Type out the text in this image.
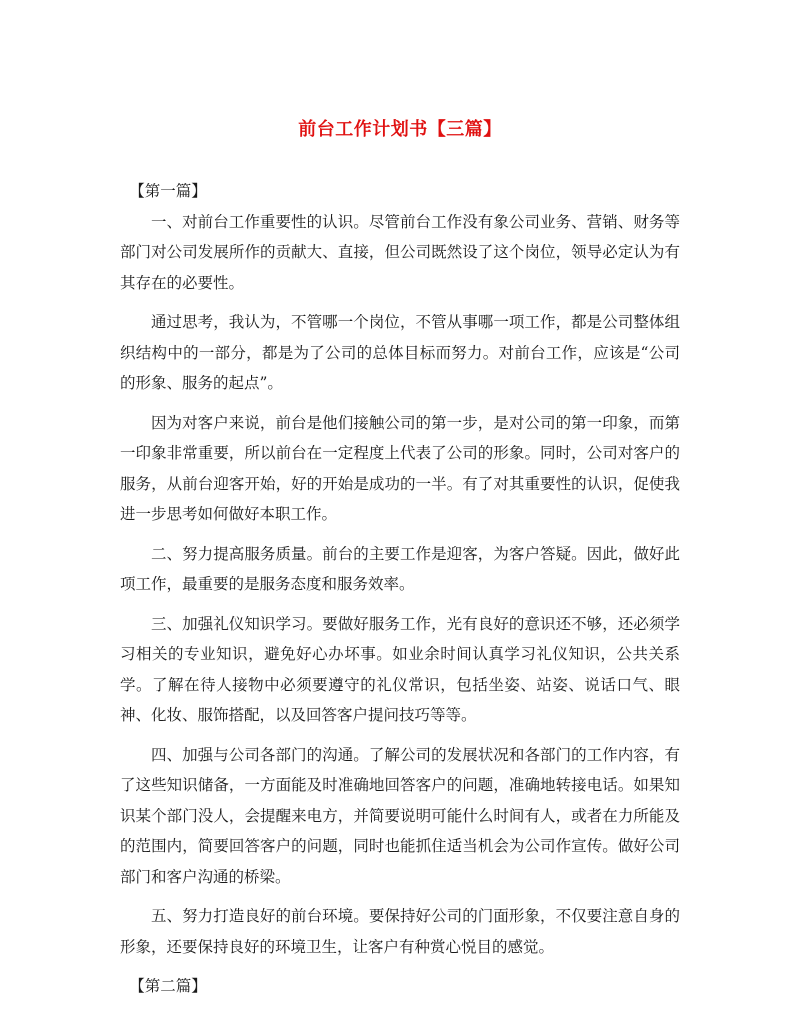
前台工作计划书【三篇】

【第一篇】

一、对前台工作重要性的认识。尽管前台工作没有象公司业务、营销、财务等部门对公司发展所作的贡献大、直接，但公司既然设了这个岗位，领导必定认为有其存在的必要性。

通过思考，我认为，不管哪一个岗位，不管从事哪一项工作，都是公司整体组织结构中的一部分，都是为了公司的总体目标而努力。对前台工作，应该是“公司的形象、服务的起点”。

因为对客户来说，前台是他们接触公司的第一步，是对公司的第一印象，而第一印象非常重要，所以前台在一定程度上代表了公司的形象。同时，公司对客户的服务，从前台迎客开始，好的开始是成功的一半。有了对其重要性的认识，促使我进一步思考如何做好本职工作。

二、努力提高服务质量。前台的主要工作是迎客，为客户答疑。因此，做好此项工作，最重要的是服务态度和服务效率。

三、加强礼仪知识学习。要做好服务工作，光有良好的意识还不够，还必须学习相关的专业知识，避免好心办坏事。如业余时间认真学习礼仪知识，公共关系学。了解在待人接物中必须要遵守的礼仪常识，包括坐姿、站姿、说话口气、眼神、化妆、服饰搭配，以及回答客户提问技巧等等。

四、加强与公司各部门的沟通。了解公司的发展状况和各部门的工作内容，有了这些知识储备，一方面能及时准确地回答客户的问题，准确地转接电话。如果知识某个部门没人，会提醒来电方，并简要说明可能什么时间有人，或者在力所能及的范围内，简要回答客户的问题，同时也能抓住适当机会为公司作宣传。做好公司部门和客户沟通的桥梁。

五、努力打造良好的前台环境。要保持好公司的门面形象，不仅要注意自身的形象，还要保持良好的环境卫生，让客户有种赏心悦目的感觉。

【第二篇】
